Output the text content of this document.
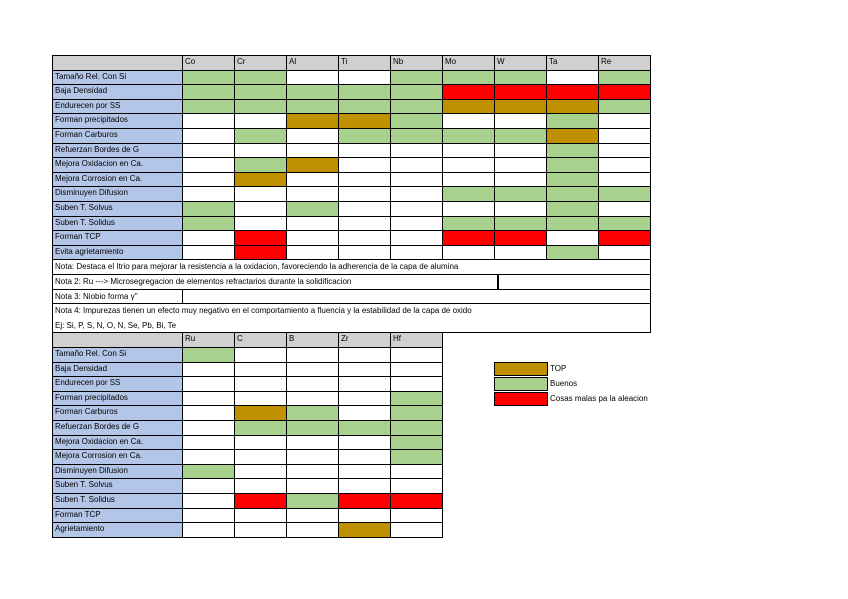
Co	Cr	Al	Ti	Nb	Mo	W	Ta	Re
Tamaño Rel. Con Si
Baja Densidad
Endurecen por SS
Forman precipitados
Forman Carburos
Refuerzan Bordes de G
Mejora Oxidacion en Ca.
Mejora Corrosion en Ca.
Disminuyen Difusion
Suben T. Solvus
Suben T. Solidus
Forman TCP
Evita agrietamiento
Nota: Destaca el Itrio para mejorar la resistencia a la oxidacion, favoreciendo la adherencia de la capa de alumina
Nota 2: Ru ---> Microsegregacion de elementos refractarios durante la solidificacion
Nota 3: Niobio forma γ''
Nota 4: Impurezas tienen un efecto muy negativo en el comportamiento a fluencia y la estabilidad de la capa de oxido
Ej: Si, P, S, N, O, N, Se, Pb, Bi, Te
Ru	C	B	Zr	Hf
Tamaño Rel. Con Si
Baja Densidad
Endurecen por SS
Forman precipitados
Forman Carburos
Refuerzan Bordes de G
Mejora Oxidacion en Ca.
Mejora Corrosion en Ca.
Disminuyen Difusion
Suben T. Solvus
Suben T. Solidus
Forman TCP
Agrietamiento
TOP
Buenos
Cosas malas pa la aleacion
